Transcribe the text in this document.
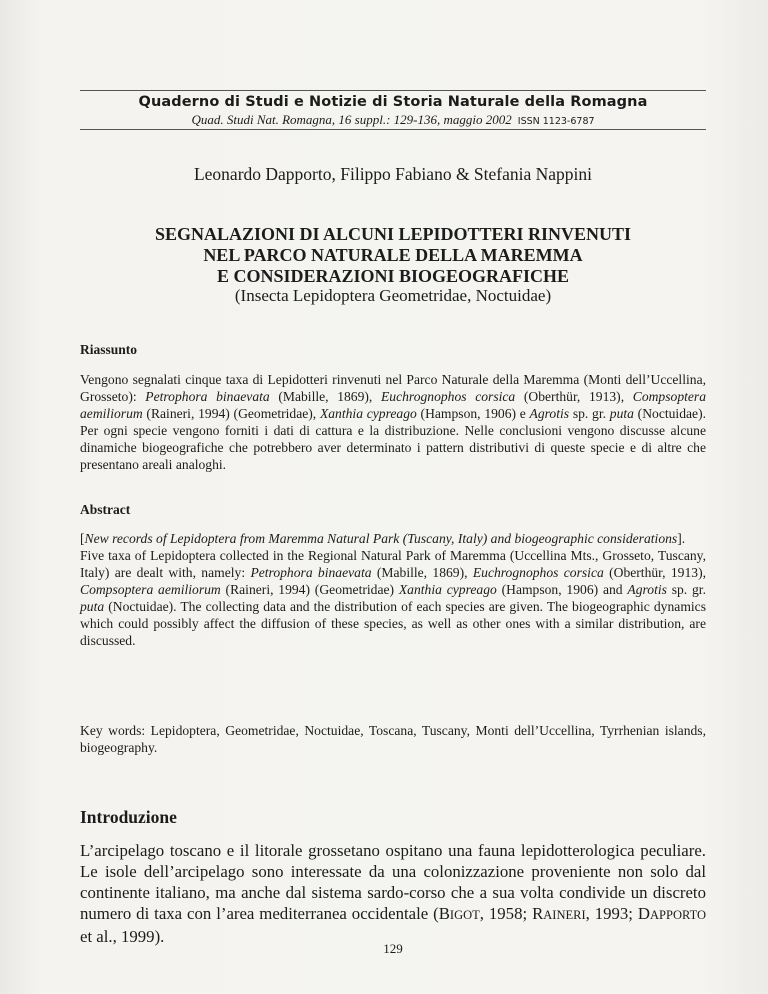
Quaderno di Studi e Notizie di Storia Naturale della Romagna
Quad. Studi Nat. Romagna, 16 suppl.: 129-136, maggio 2002 ISSN 1123-6787
Leonardo Dapporto, Filippo Fabiano & Stefania Nappini
SEGNALAZIONI DI ALCUNI LEPIDOTTERI RINVENUTI
NEL PARCO NATURALE DELLA MAREMMA
E CONSIDERAZIONI BIOGEOGRAFICHE
(Insecta Lepidoptera Geometridae, Noctuidae)
Riassunto

Vengono segnalati cinque taxa di Lepidotteri rinvenuti nel Parco Naturale della Maremma (Monti dell’Uccellina, Grosseto): Petrophora binaevata (Mabille, 1869), Euchrognophos corsica (Oberthür, 1913), Compsoptera aemiliorum (Raineri, 1994) (Geometridae), Xanthia cypreago (Hampson, 1906) e Agrotis sp. gr. puta (Noctuidae). Per ogni specie vengono forniti i dati di cattura e la distribuzione. Nelle conclusioni vengono discusse alcune dinamiche biogeografiche che potrebbero aver determinato i pattern distributivi di queste specie e di altre che presentano areali analoghi.

Abstract

[New records of Lepidoptera from Maremma Natural Park (Tuscany, Italy) and biogeographic considerations].

Five taxa of Lepidoptera collected in the Regional Natural Park of Maremma (Uccellina Mts., Grosseto, Tuscany, Italy) are dealt with, namely: Petrophora binaevata (Mabille, 1869), Euchrognophos corsica (Oberthür, 1913), Compsoptera aemiliorum (Raineri, 1994) (Geometridae) Xanthia cypreago (Hampson, 1906) and Agrotis sp. gr. puta (Noctuidae). The collecting data and the distribution of each species are given. The biogeographic dynamics which could possibly affect the diffusion of these species, as well as other ones with a similar distribution, are discussed.

Key words: Lepidoptera, Geometridae, Noctuidae, Toscana, Tuscany, Monti dell’Uccellina, Tyrrhenian islands, biogeography.
Introduzione
L’arcipelago toscano e il litorale grossetano ospitano una fauna lepidotterologica peculiare. Le isole dell’arcipelago sono interessate da una colonizzazione proveniente non solo dal continente italiano, ma anche dal sistema sardo-corso che a sua volta condivide un discreto numero di taxa con l’area mediterranea occidentale (BIGOT, 1958; RAINERI, 1993; DAPPORTO et al., 1999).
129
